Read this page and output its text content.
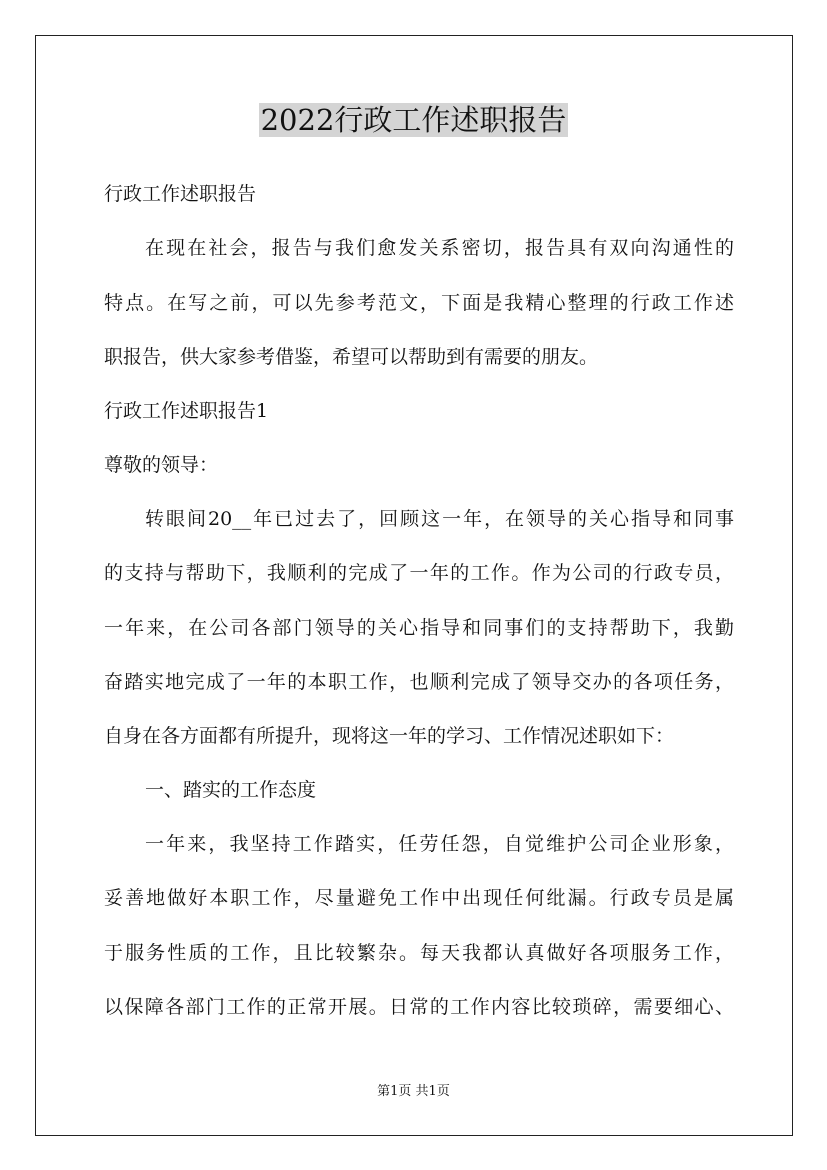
2022行政工作述职报告
行政工作述职报告
在现在社会，报告与我们愈发关系密切，报告具有双向沟通性的
特点。在写之前，可以先参考范文，下面是我精心整理的行政工作述
职报告，供大家参考借鉴，希望可以帮助到有需要的朋友。
行政工作述职报告1
尊敬的领导：
转眼间20__年已过去了，回顾这一年，在领导的关心指导和同事
的支持与帮助下，我顺利的完成了一年的工作。作为公司的行政专员，
一年来，在公司各部门领导的关心指导和同事们的支持帮助下，我勤
奋踏实地完成了一年的本职工作，也顺利完成了领导交办的各项任务，
自身在各方面都有所提升，现将这一年的学习、工作情况述职如下：
一、踏实的工作态度
一年来，我坚持工作踏实，任劳任怨，自觉维护公司企业形象，
妥善地做好本职工作，尽量避免工作中出现任何纰漏。行政专员是属
于服务性质的工作，且比较繁杂。每天我都认真做好各项服务工作，
以保障各部门工作的正常开展。日常的工作内容比较琐碎，需要细心、
第1页 共1页
